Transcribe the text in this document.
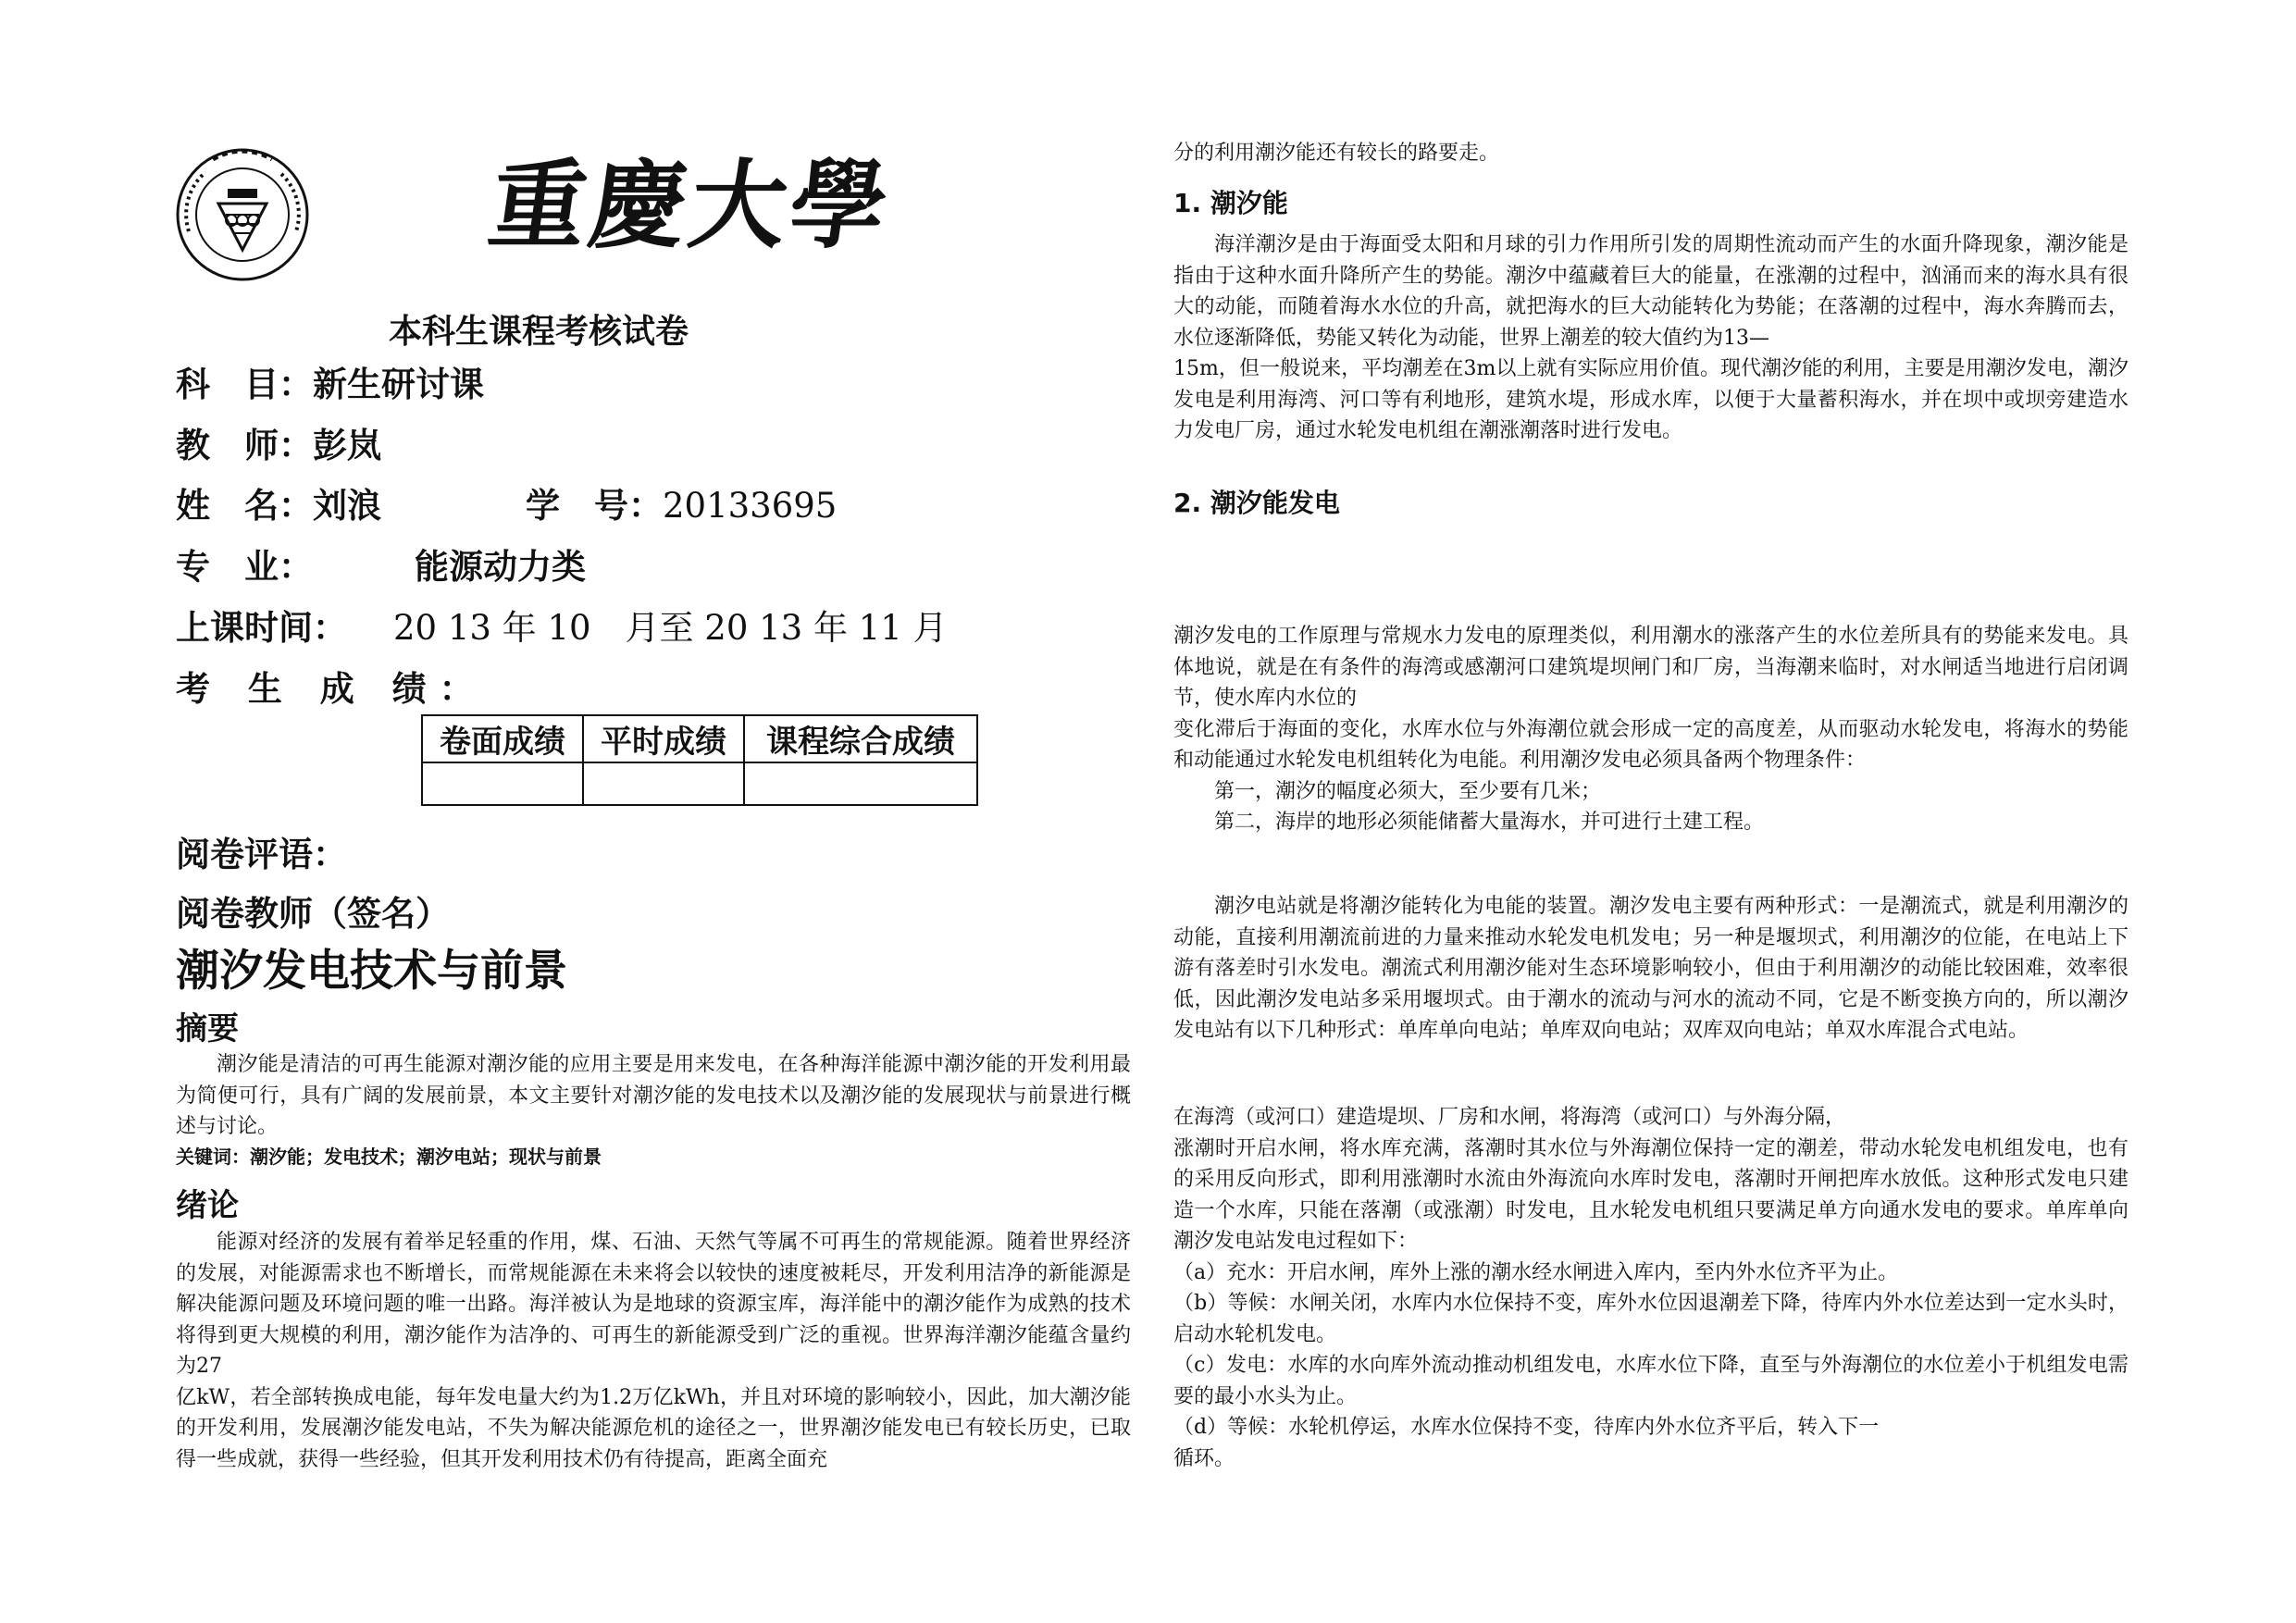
重慶大學
本科生课程考核试卷
科　目：新生研讨课
教　师：彭岚
姓　名：刘浪	学　号：20133695
专　业：	能源动力类
上课时间： 20 13 年 10　月至 20 13 年 11 月
考 生 成 绩：
卷面成绩	平时成绩	课程综合成绩

阅卷评语：
阅卷教师（签名）
潮汐发电技术与前景
摘要

潮汐能是清洁的可再生能源对潮汐能的应用主要是用来发电，在各种海洋能源中潮汐能的开发利用最为简便可行，具有广阔的发展前景，本文主要针对潮汐能的发电技术以及潮汐能的发展现状与前景进行概述与讨论。

关键词：潮汐能；发电技术；潮汐电站；现状与前景
绪论

能源对经济的发展有着举足轻重的作用，煤、石油、天然气等属不可再生的常规能源。随着世界经济的发展，对能源需求也不断增长，而常规能源在未来将会以较快的速度被耗尽，开发利用洁净的新能源是解决能源问题及环境问题的唯一出路。海洋被认为是地球的资源宝库，海洋能中的潮汐能作为成熟的技术将得到更大规模的利用，潮汐能作为洁净的、可再生的新能源受到广泛的重视。世界海洋潮汐能蕴含量约为27

亿kW，若全部转换成电能，每年发电量大约为1.2万亿kWh，并且对环境的影响较小，因此，加大潮汐能的开发利用，发展潮汐能发电站，不失为解决能源危机的途径之一，世界潮汐能发电已有较长历史，已取得一些成就，获得一些经验，但其开发利用技术仍有待提高，距离全面充

分的利用潮汐能还有较长的路要走。
1. 潮汐能

海洋潮汐是由于海面受太阳和月球的引力作用所引发的周期性流动而产生的水面升降现象，潮汐能是指由于这种水面升降所产生的势能。潮汐中蕴藏着巨大的能量，在涨潮的过程中，汹涌而来的海水具有很大的动能，而随着海水水位的升高，就把海水的巨大动能转化为势能；在落潮的过程中，海水奔腾而去，水位逐渐降低，势能又转化为动能，世界上潮差的较大值约为13—

15m，但一般说来，平均潮差在3m以上就有实际应用价值。现代潮汐能的利用，主要是用潮汐发电，潮汐发电是利用海湾、河口等有利地形，建筑水堤，形成水库，以便于大量蓄积海水，并在坝中或坝旁建造水力发电厂房，通过水轮发电机组在潮涨潮落时进行发电。

2. 潮汐能发电

潮汐发电的工作原理与常规水力发电的原理类似，利用潮水的涨落产生的水位差所具有的势能来发电。具体地说，就是在有条件的海湾或感潮河口建筑堤坝闸门和厂房，当海潮来临时，对水闸适当地进行启闭调节，使水库内水位的

变化滞后于海面的变化，水库水位与外海潮位就会形成一定的高度差，从而驱动水轮发电，将海水的势能和动能通过水轮发电机组转化为电能。利用潮汐发电必须具备两个物理条件：

第一，潮汐的幅度必须大，至少要有几米；

第二，海岸的地形必须能储蓄大量海水，并可进行土建工程。

潮汐电站就是将潮汐能转化为电能的装置。潮汐发电主要有两种形式：一是潮流式，就是利用潮汐的动能，直接利用潮流前进的力量来推动水轮发电机发电；另一种是堰坝式，利用潮汐的位能，在电站上下游有落差时引水发电。潮流式利用潮汐能对生态环境影响较小，但由于利用潮汐的动能比较困难，效率很低，因此潮汐发电站多采用堰坝式。由于潮水的流动与河水的流动不同，它是不断变换方向的，所以潮汐发电站有以下几种形式：单库单向电站；单库双向电站；双库双向电站；单双水库混合式电站。

在海湾（或河口）建造堤坝、厂房和水闸，将海湾（或河口）与外海分隔，

涨潮时开启水闸，将水库充满，落潮时其水位与外海潮位保持一定的潮差，带动水轮发电机组发电，也有的采用反向形式，即利用涨潮时水流由外海流向水库时发电，落潮时开闸把库水放低。这种形式发电只建造一个水库，只能在落潮（或涨潮）时发电，且水轮发电机组只要满足单方向通水发电的要求。单库单向潮汐发电站发电过程如下：

（a）充水：开启水闸，库外上涨的潮水经水闸进入库内，至内外水位齐平为止。

（b）等候：水闸关闭，水库内水位保持不变，库外水位因退潮差下降，待库内外水位差达到一定水头时，启动水轮机发电。

（c）发电：水库的水向库外流动推动机组发电，水库水位下降，直至与外海潮位的水位差小于机组发电需要的最小水头为止。

（d）等候：水轮机停运，水库水位保持不变，待库内外水位齐平后，转入下一

循环。
